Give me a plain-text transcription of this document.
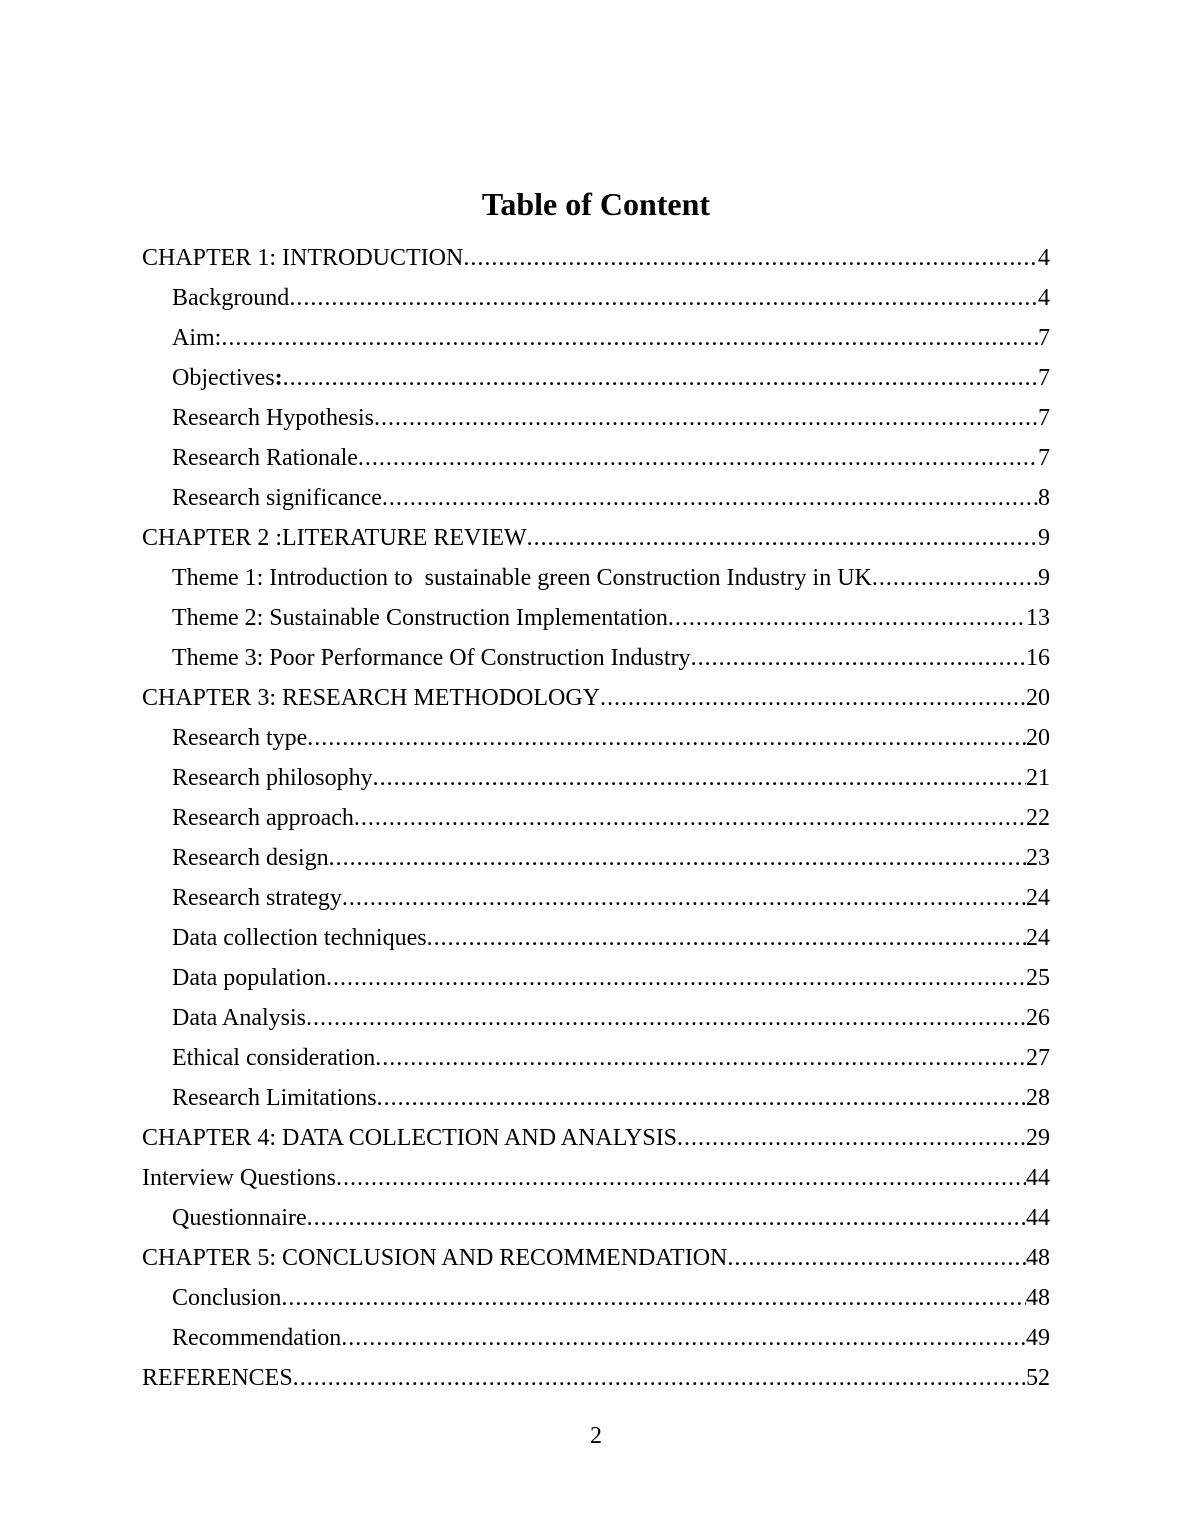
Table of Content
CHAPTER 1: INTRODUCTION .....	4
Background .....	4
Aim: .....	7
Objectives: .....	7
Research Hypothesis .....	7
Research Rationale .....	7
Research significance .....	8
CHAPTER 2 :LITERATURE REVIEW .....	9
Theme 1: Introduction to  sustainable green Construction Industry in UK .....	9
Theme 2: Sustainable Construction Implementation .....	13
Theme 3: Poor Performance Of Construction Industry .....	16
CHAPTER 3: RESEARCH METHODOLOGY .....	20
Research type .....	20
Research philosophy .....	21
Research approach .....	22
Research design .....	23
Research strategy .....	24
Data collection techniques .....	24
Data population .....	25
Data Analysis .....	26
Ethical consideration .....	27
Research Limitations .....	28
CHAPTER 4: DATA COLLECTION AND ANALYSIS .....	29
Interview Questions .....	44
Questionnaire .....	44
CHAPTER 5: CONCLUSION AND RECOMMENDATION .....	48
Conclusion .....	48
Recommendation .....	49
REFERENCES .....	52
2
